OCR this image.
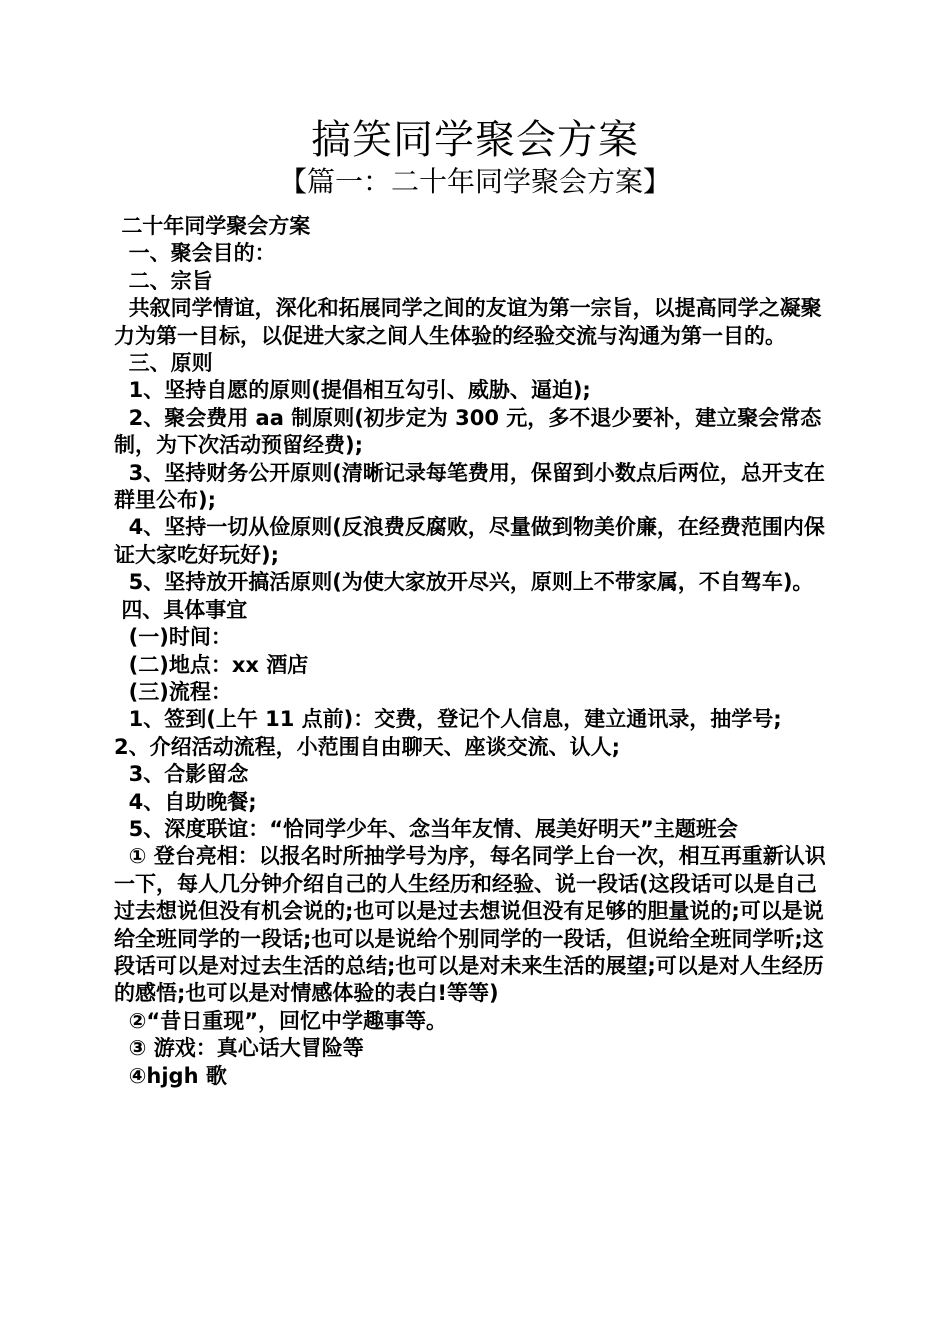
搞笑同学聚会方案
【篇一：二十年同学聚会方案】

二十年同学聚会方案

一、聚会目的：

二、宗旨

共叙同学情谊，深化和拓展同学之间的友谊为第一宗旨，以提高同学之凝聚力为第一目标，以促进大家之间人生体验的经验交流与沟通为第一目的。

三、原则

1、坚持自愿的原则(提倡相互勾引、威胁、逼迫);

2、聚会费用 aa 制原则(初步定为 300 元，多不退少要补，建立聚会常态制，为下次活动预留经费);

3、坚持财务公开原则(清晰记录每笔费用，保留到小数点后两位，总开支在群里公布);

4、坚持一切从俭原则(反浪费反腐败，尽量做到物美价廉，在经费范围内保证大家吃好玩好);

5、坚持放开搞活原则(为使大家放开尽兴，原则上不带家属，不自驾车)。

四、具体事宜

(一)时间：

(二)地点：xx 酒店

(三)流程：

1、签到(上午 11 点前)：交费，登记个人信息，建立通讯录，抽学号;

2、介绍活动流程，小范围自由聊天、座谈交流、认人;

3、合影留念

4、自助晚餐;

5、深度联谊：“恰同学少年、念当年友情、展美好明天”主题班会

① 登台亮相：以报名时所抽学号为序，每名同学上台一次，相互再重新认识一下，每人几分钟介绍自己的人生经历和经验、说一段话(这段话可以是自己过去想说但没有机会说的;也可以是过去想说但没有足够的胆量说的;可以是说给全班同学的一段话;也可以是说给个别同学的一段话，但说给全班同学听;这段话可以是对过去生活的总结;也可以是对未来生活的展望;可以是对人生经历的感悟;也可以是对情感体验的表白!等等)

②“昔日重现”，回忆中学趣事等。

③ 游戏：真心话大冒险等

④hjgh 歌
